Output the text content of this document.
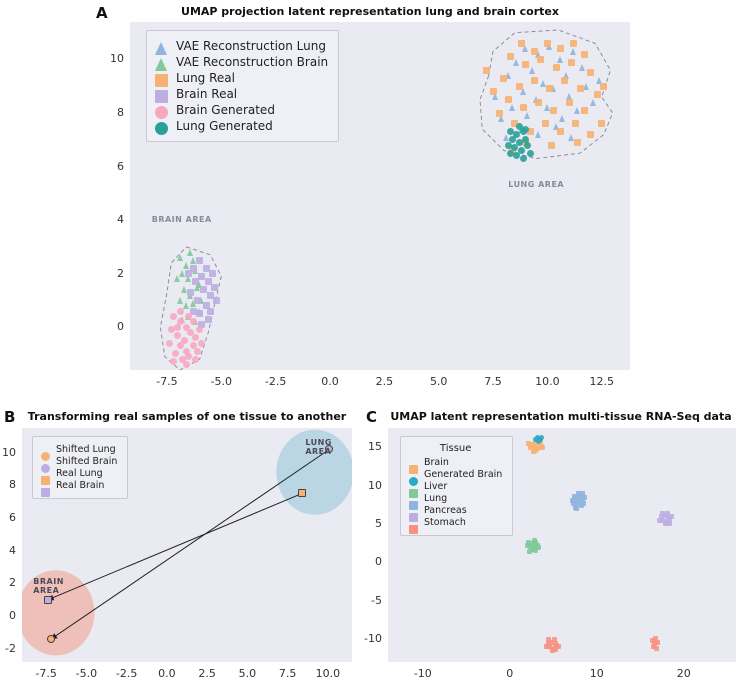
A	UMAP projection latent representation lung and brain cortex
BRAIN AREA
LUNG AREA
-7.5	-5.0	-2.5	0.0	2.5	5.0	7.5	10.0	12.5
0
2
4
6
8
10
VAE Reconstruction Lung
VAE Reconstruction Brain
Lung Real
Brain Real
Brain Generated
Lung Generated
B	Transforming real samples of one tissue to another
LUNG AREA
BRAIN AREA
-7.5	-5.0	-2.5	0.0	2.5	5.0	7.5	10.0
-2
0
2
4
6
8
10	Shifted Lung
Shifted Brain
Real Lung
Real Brain
C	UMAP latent representation multi-tissue RNA-Seq data
-10	0	10	20
-10
-5
0
5
10
15	Tissue
Brain
Generated Brain
Liver
Lung
Pancreas
Stomach
